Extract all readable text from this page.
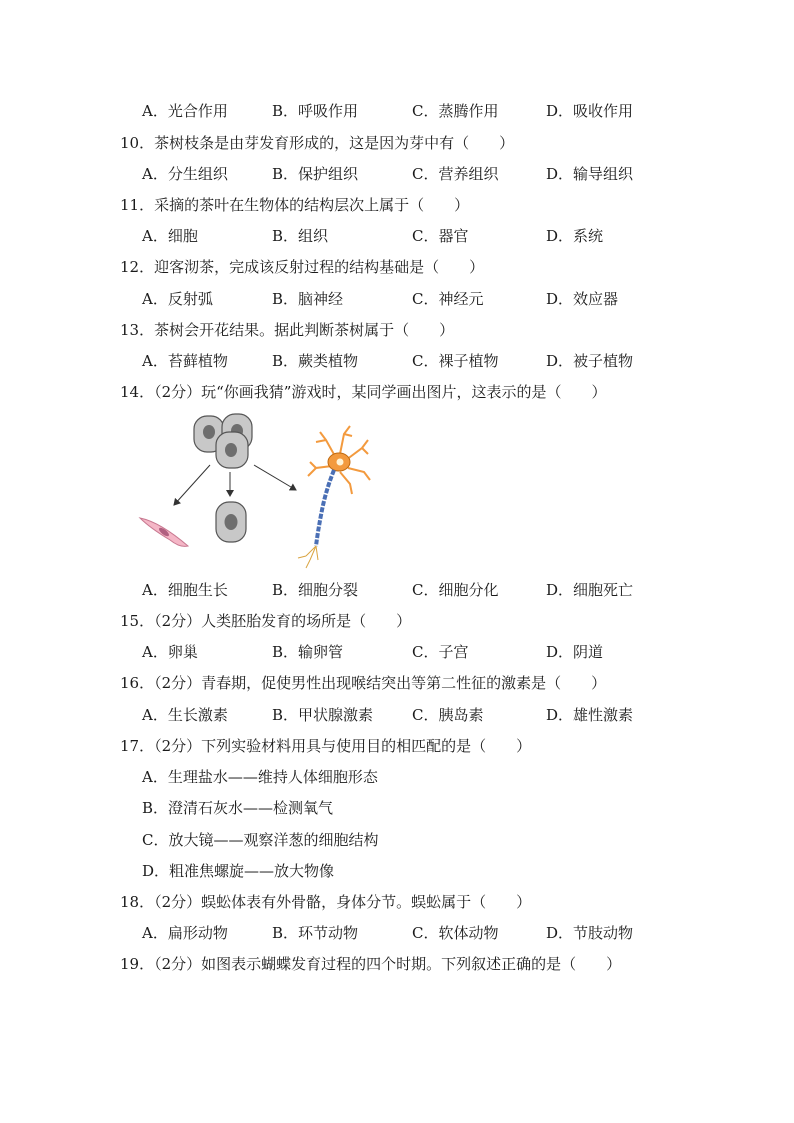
A．光合作用	B．呼吸作用	C．蒸腾作用	D．吸收作用
10．茶树枝条是由芽发育形成的，这是因为芽中有（　　）
A．分生组织	B．保护组织	C．营养组织	D．输导组织
11．采摘的茶叶在生物体的结构层次上属于（　　）
A．细胞	B．组织	C．器官	D．系统
12．迎客沏茶，完成该反射过程的结构基础是（　　）
A．反射弧	B．脑神经	C．神经元	D．效应器
13．茶树会开花结果。据此判断茶树属于（　　）
A．苔藓植物	B．蕨类植物	C．裸子植物	D．被子植物
14．（2分）玩“你画我猜”游戏时，某同学画出图片，这表示的是（　　）
A．细胞生长	B．细胞分裂	C．细胞分化	D．细胞死亡
15．（2分）人类胚胎发育的场所是（　　）
A．卵巢	B．输卵管	C．子宫	D．阴道
16．（2分）青春期，促使男性出现喉结突出等第二性征的激素是（　　）
A．生长激素	B．甲状腺激素	C．胰岛素	D．雄性激素
17．（2分）下列实验材料用具与使用目的相匹配的是（　　）
A．生理盐水——维持人体细胞形态
B．澄清石灰水——检测氧气
C．放大镜——观察洋葱的细胞结构
D．粗准焦螺旋——放大物像
18．（2分）蜈蚣体表有外骨骼，身体分节。蜈蚣属于（　　）
A．扁形动物	B．环节动物	C．软体动物	D．节肢动物
19．（2分）如图表示蝴蝶发育过程的四个时期。下列叙述正确的是（　　）
